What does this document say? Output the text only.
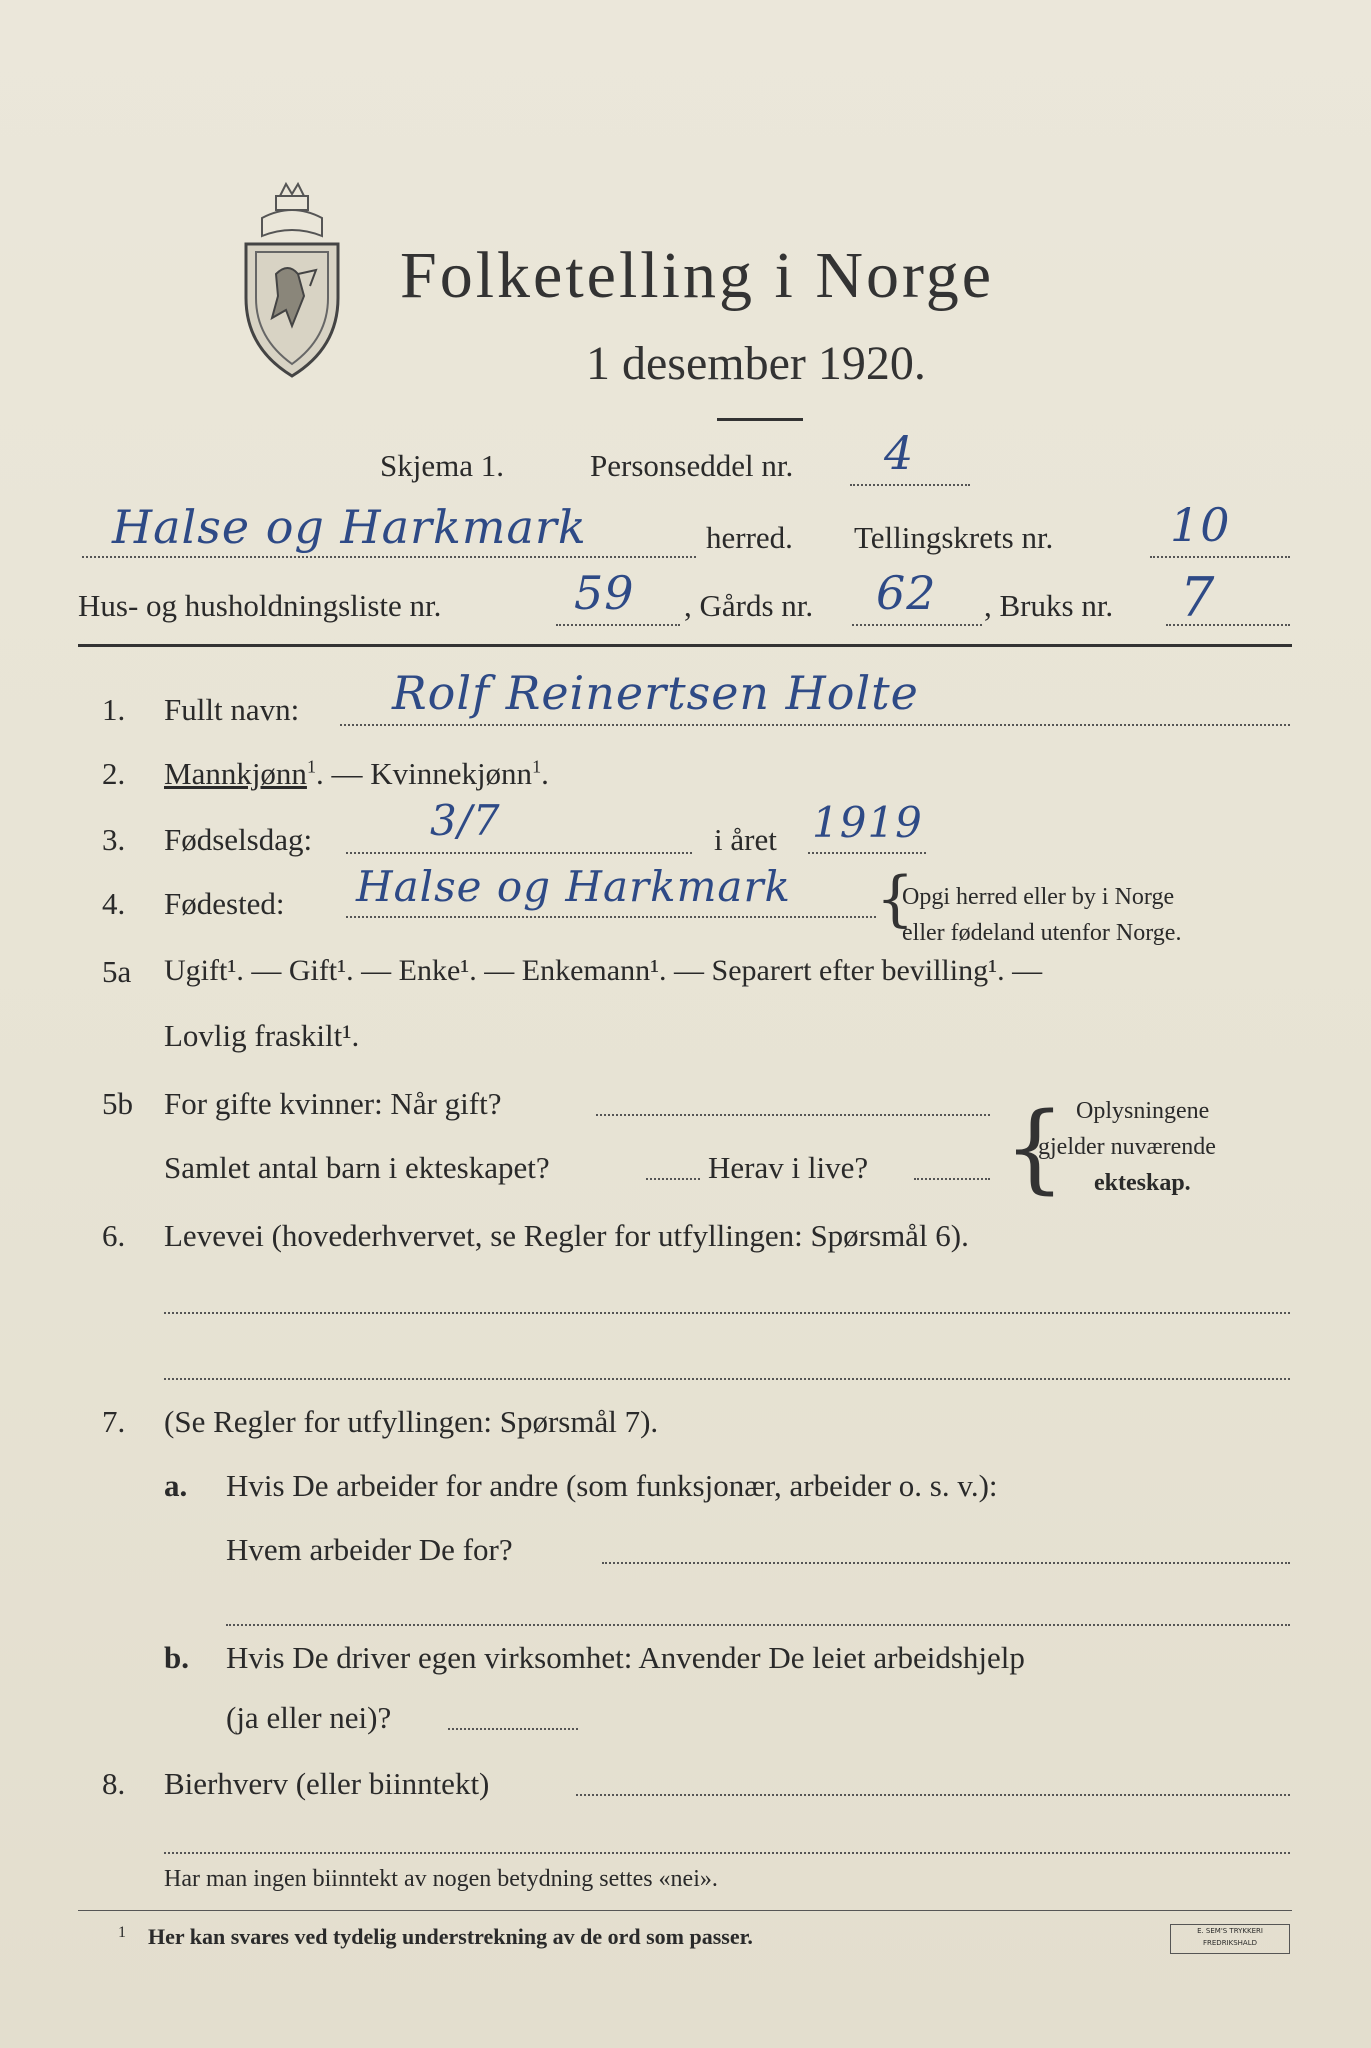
Folketelling i Norge
1 desember 1920.
Skjema 1.	Personseddel nr. 4
Halse og Harkmark	herred. Tellingskrets nr.	10
Hus- og husholdningsliste nr.	59 , Gårds nr. 62 , Bruks nr. 7
1. Fullt navn: Rolf Reinertsen Holte
2. Mannkjønn$^1$. — Kvinnekjønn$^1$.
3. Fødselsdag:	3/7	i året 1919
4. Fødested: Halse og Harkmark {
Opgi herred eller by i Norge
eller fødeland utenfor Norge.
5a Ugift¹. — Gift¹. — Enke¹. — Enkemann¹. — Separert efter bevilling¹. —
Lovlig fraskilt¹.
5b For gifte kvinner: Når gift?
Samlet antal barn i ekteskapet?	Herav i live? { Oplysningene
gjelder nuværende
ekteskap.
6. Levevei (hovederhvervet, se Regler for utfyllingen: Spørsmål 6).
7. (Se Regler for utfyllingen: Spørsmål 7).
a. Hvis De arbeider for andre (som funksjonær, arbeider o. s. v.):
Hvem arbeider De for?
b. Hvis De driver egen virksomhet: Anvender De leiet arbeidshjelp
(ja eller nei)?
8. Bierhverv (eller biinntekt)
Har man ingen biinntekt av nogen betydning settes «nei».
1 Her kan svares ved tydelig understrekning av de ord som passer.	E. SEM'S TRYKKERI
FREDRIKSHALD
